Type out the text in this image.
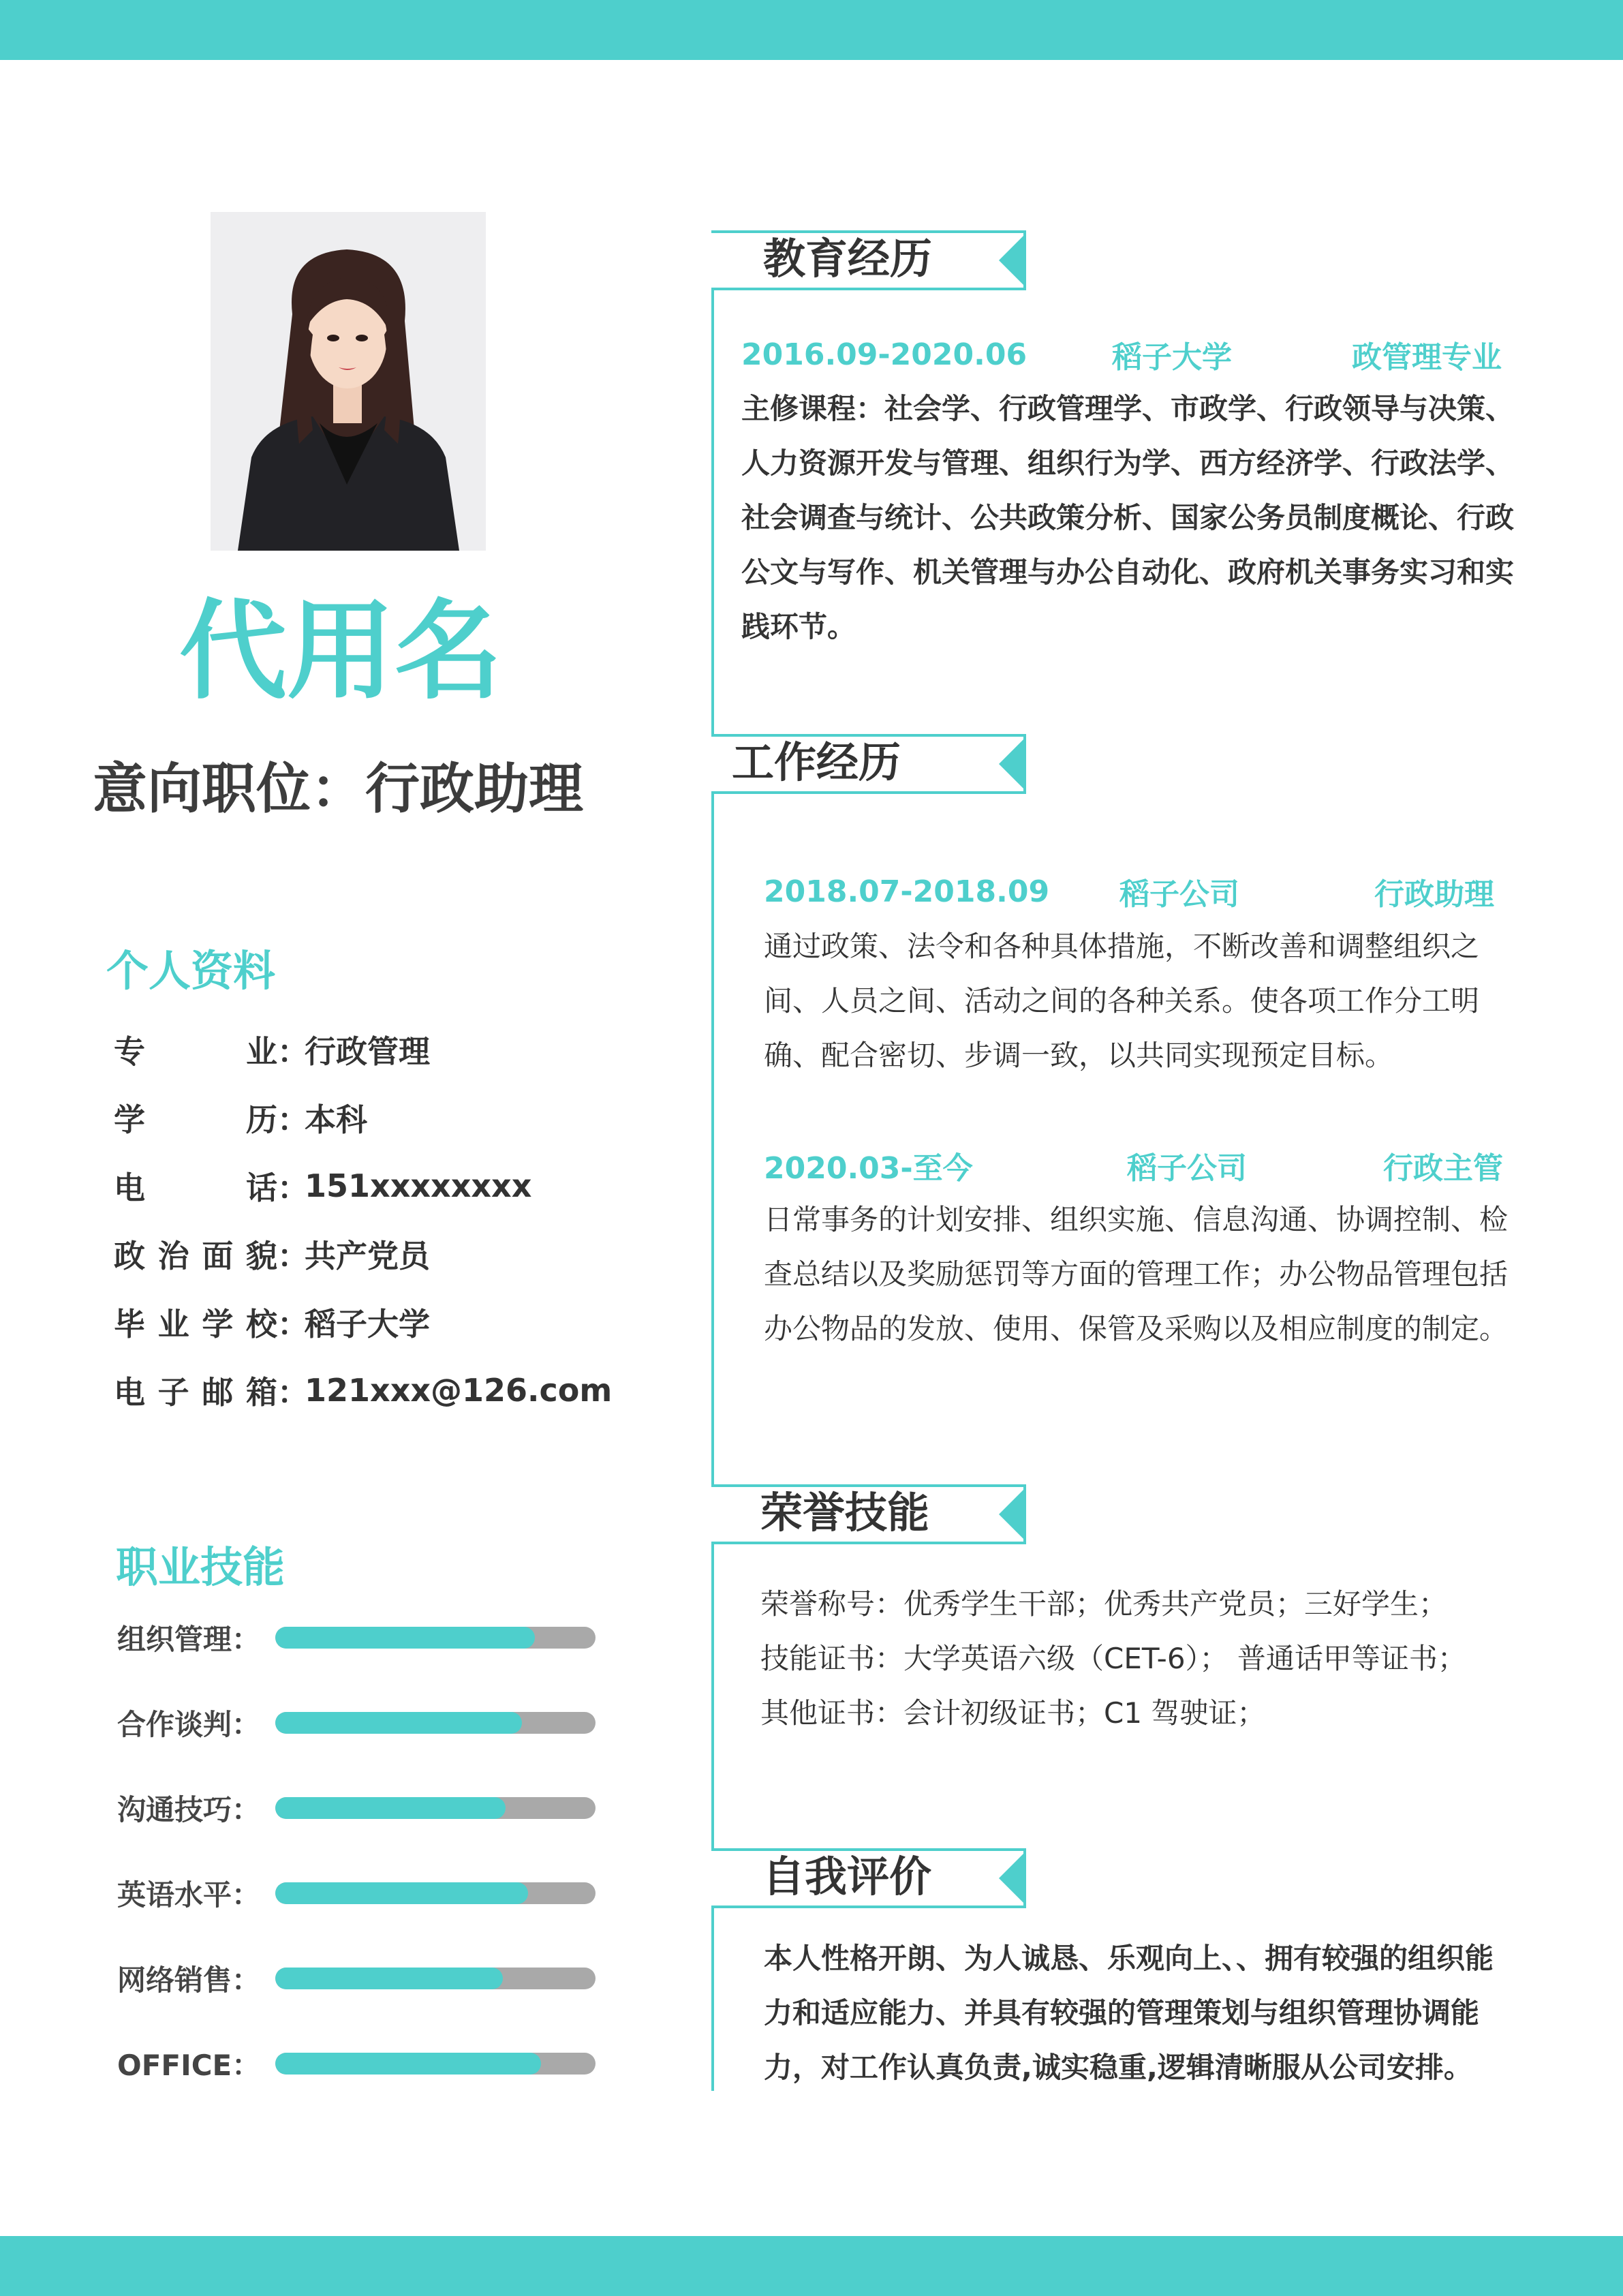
代用名
意向职位：行政助理
个人资料
专业 ：
行政管理
学历 ：
本科
电话 ：
151xxxxxxxx
政治面貌 ：
共产党员
毕业学校 ：
稻子大学
电子邮箱 ：
121xxx@126.com
职业技能
组织管理：
合作谈判：
沟通技巧：
英语水平：
网络销售：
OFFICE：
教育经历
2016.09-2020.06	稻子大学	政管理专业
主修课程：社会学、行政管理学、市政学、行政领导与决策、人力资源开发与管理、组织行为学、西方经济学、行政法学、社会调查与统计、公共政策分析、国家公务员制度概论、行政公文与写作、机关管理与办公自动化、政府机关事务实习和实践环节。
工作经历
2018.07-2018.09 稻子公司	行政助理
通过政策、法令和各种具体措施，不断改善和调整组织之间、人员之间、活动之间的各种关系。使各项工作分工明确、配合密切、步调一致，以共同实现预定目标。
2020.03-至今	稻子公司	行政主管
日常事务的计划安排、组织实施、信息沟通、协调控制、检查总结以及奖励惩罚等方面的管理工作；办公物品管理包括办公物品的发放、使用、保管及采购以及相应制度的制定。
荣誉技能
荣誉称号：优秀学生干部；优秀共产党员；三好学生；
技能证书：大学英语六级（CET-6）； 普通话甲等证书；
其他证书：会计初级证书；C1 驾驶证；
自我评价
本人性格开朗、为人诚恳、乐观向上、、拥有较强的组织能力和适应能力、并具有较强的管理策划与组织管理协调能力，对工作认真负责,诚实稳重,逻辑清晰服从公司安排。
